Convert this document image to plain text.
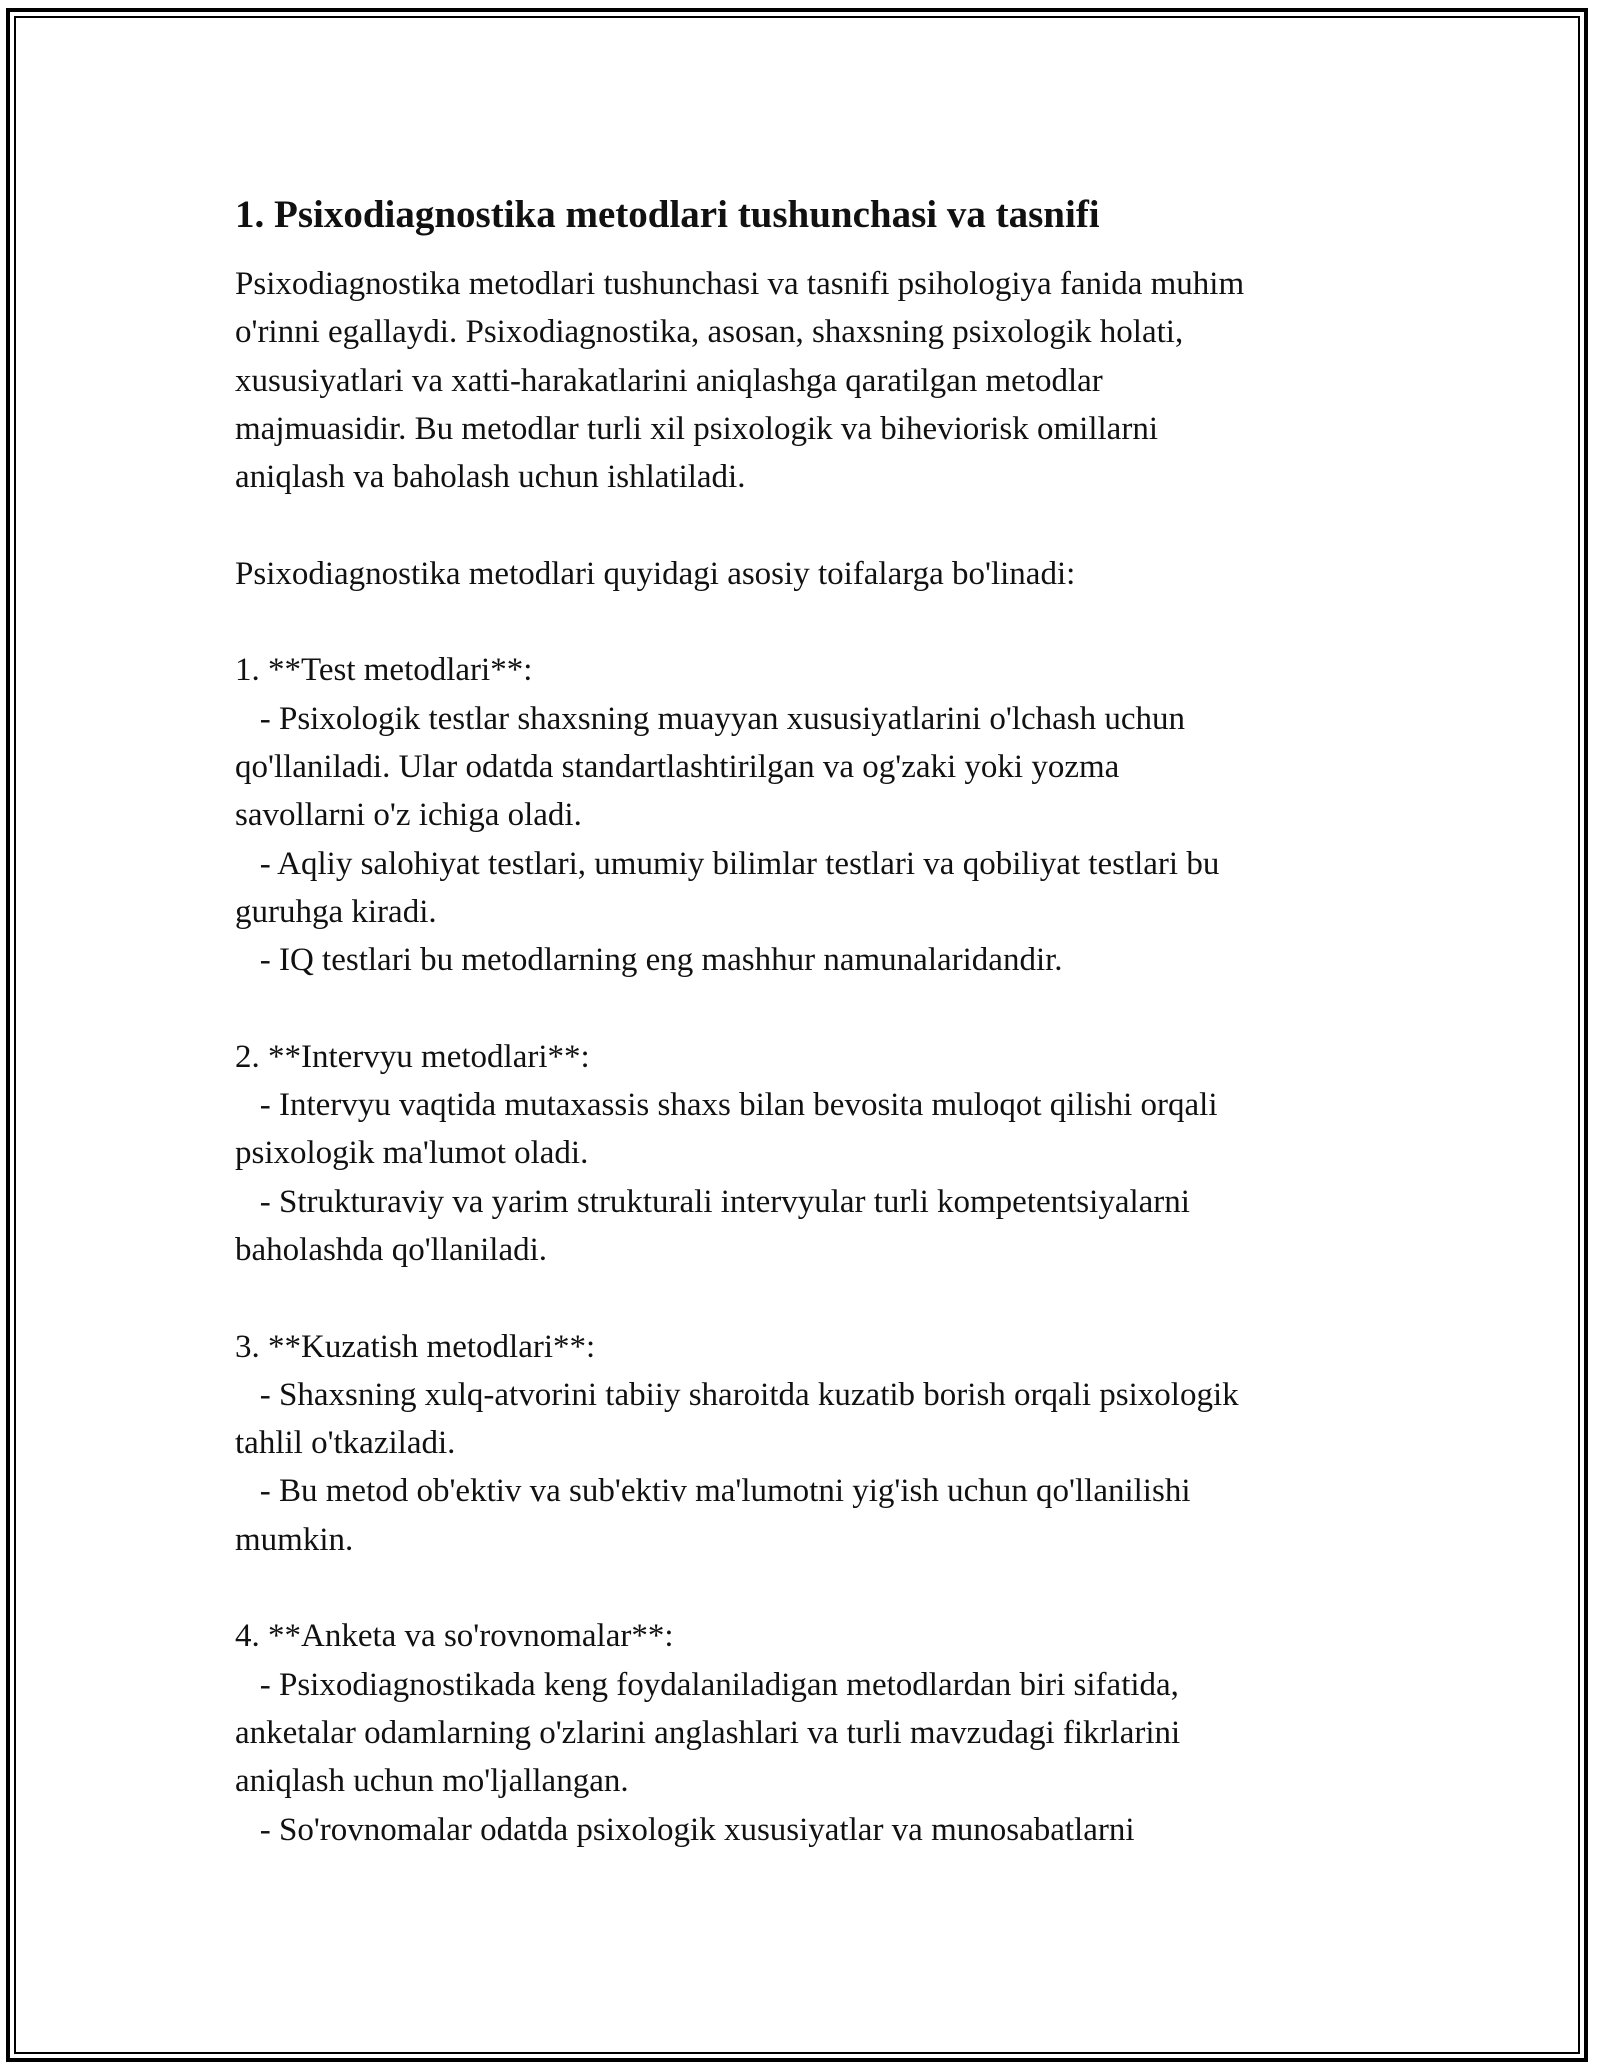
1. Psixodiagnostika metodlari tushunchasi va tasnifi
Psixodiagnostika metodlari tushunchasi va tasnifi psihologiya fanida muhim
o'rinni egallaydi. Psixodiagnostika, asosan, shaxsning psixologik holati,
xususiyatlari va xatti-harakatlarini aniqlashga qaratilgan metodlar
majmuasidir. Bu metodlar turli xil psixologik va biheviorisk omillarni
aniqlash va baholash uchun ishlatiladi.
Psixodiagnostika metodlari quyidagi asosiy toifalarga bo'linadi:
1. **Test metodlari**:
- Psixologik testlar shaxsning muayyan xususiyatlarini o'lchash uchun
qo'llaniladi. Ular odatda standartlashtirilgan va og'zaki yoki yozma
savollarni o'z ichiga oladi.
- Aqliy salohiyat testlari, umumiy bilimlar testlari va qobiliyat testlari bu
guruhga kiradi.
- IQ testlari bu metodlarning eng mashhur namunalaridandir.
2. **Intervyu metodlari**:
- Intervyu vaqtida mutaxassis shaxs bilan bevosita muloqot qilishi orqali
psixologik ma'lumot oladi.
- Strukturaviy va yarim strukturali intervyular turli kompetentsiyalarni
baholashda qo'llaniladi.
3. **Kuzatish metodlari**:
- Shaxsning xulq-atvorini tabiiy sharoitda kuzatib borish orqali psixologik
tahlil o'tkaziladi.
- Bu metod ob'ektiv va sub'ektiv ma'lumotni yig'ish uchun qo'llanilishi
mumkin.
4. **Anketa va so'rovnomalar**:
- Psixodiagnostikada keng foydalaniladigan metodlardan biri sifatida,
anketalar odamlarning o'zlarini anglashlari va turli mavzudagi fikrlarini
aniqlash uchun mo'ljallangan.
- So'rovnomalar odatda psixologik xususiyatlar va munosabatlarni
